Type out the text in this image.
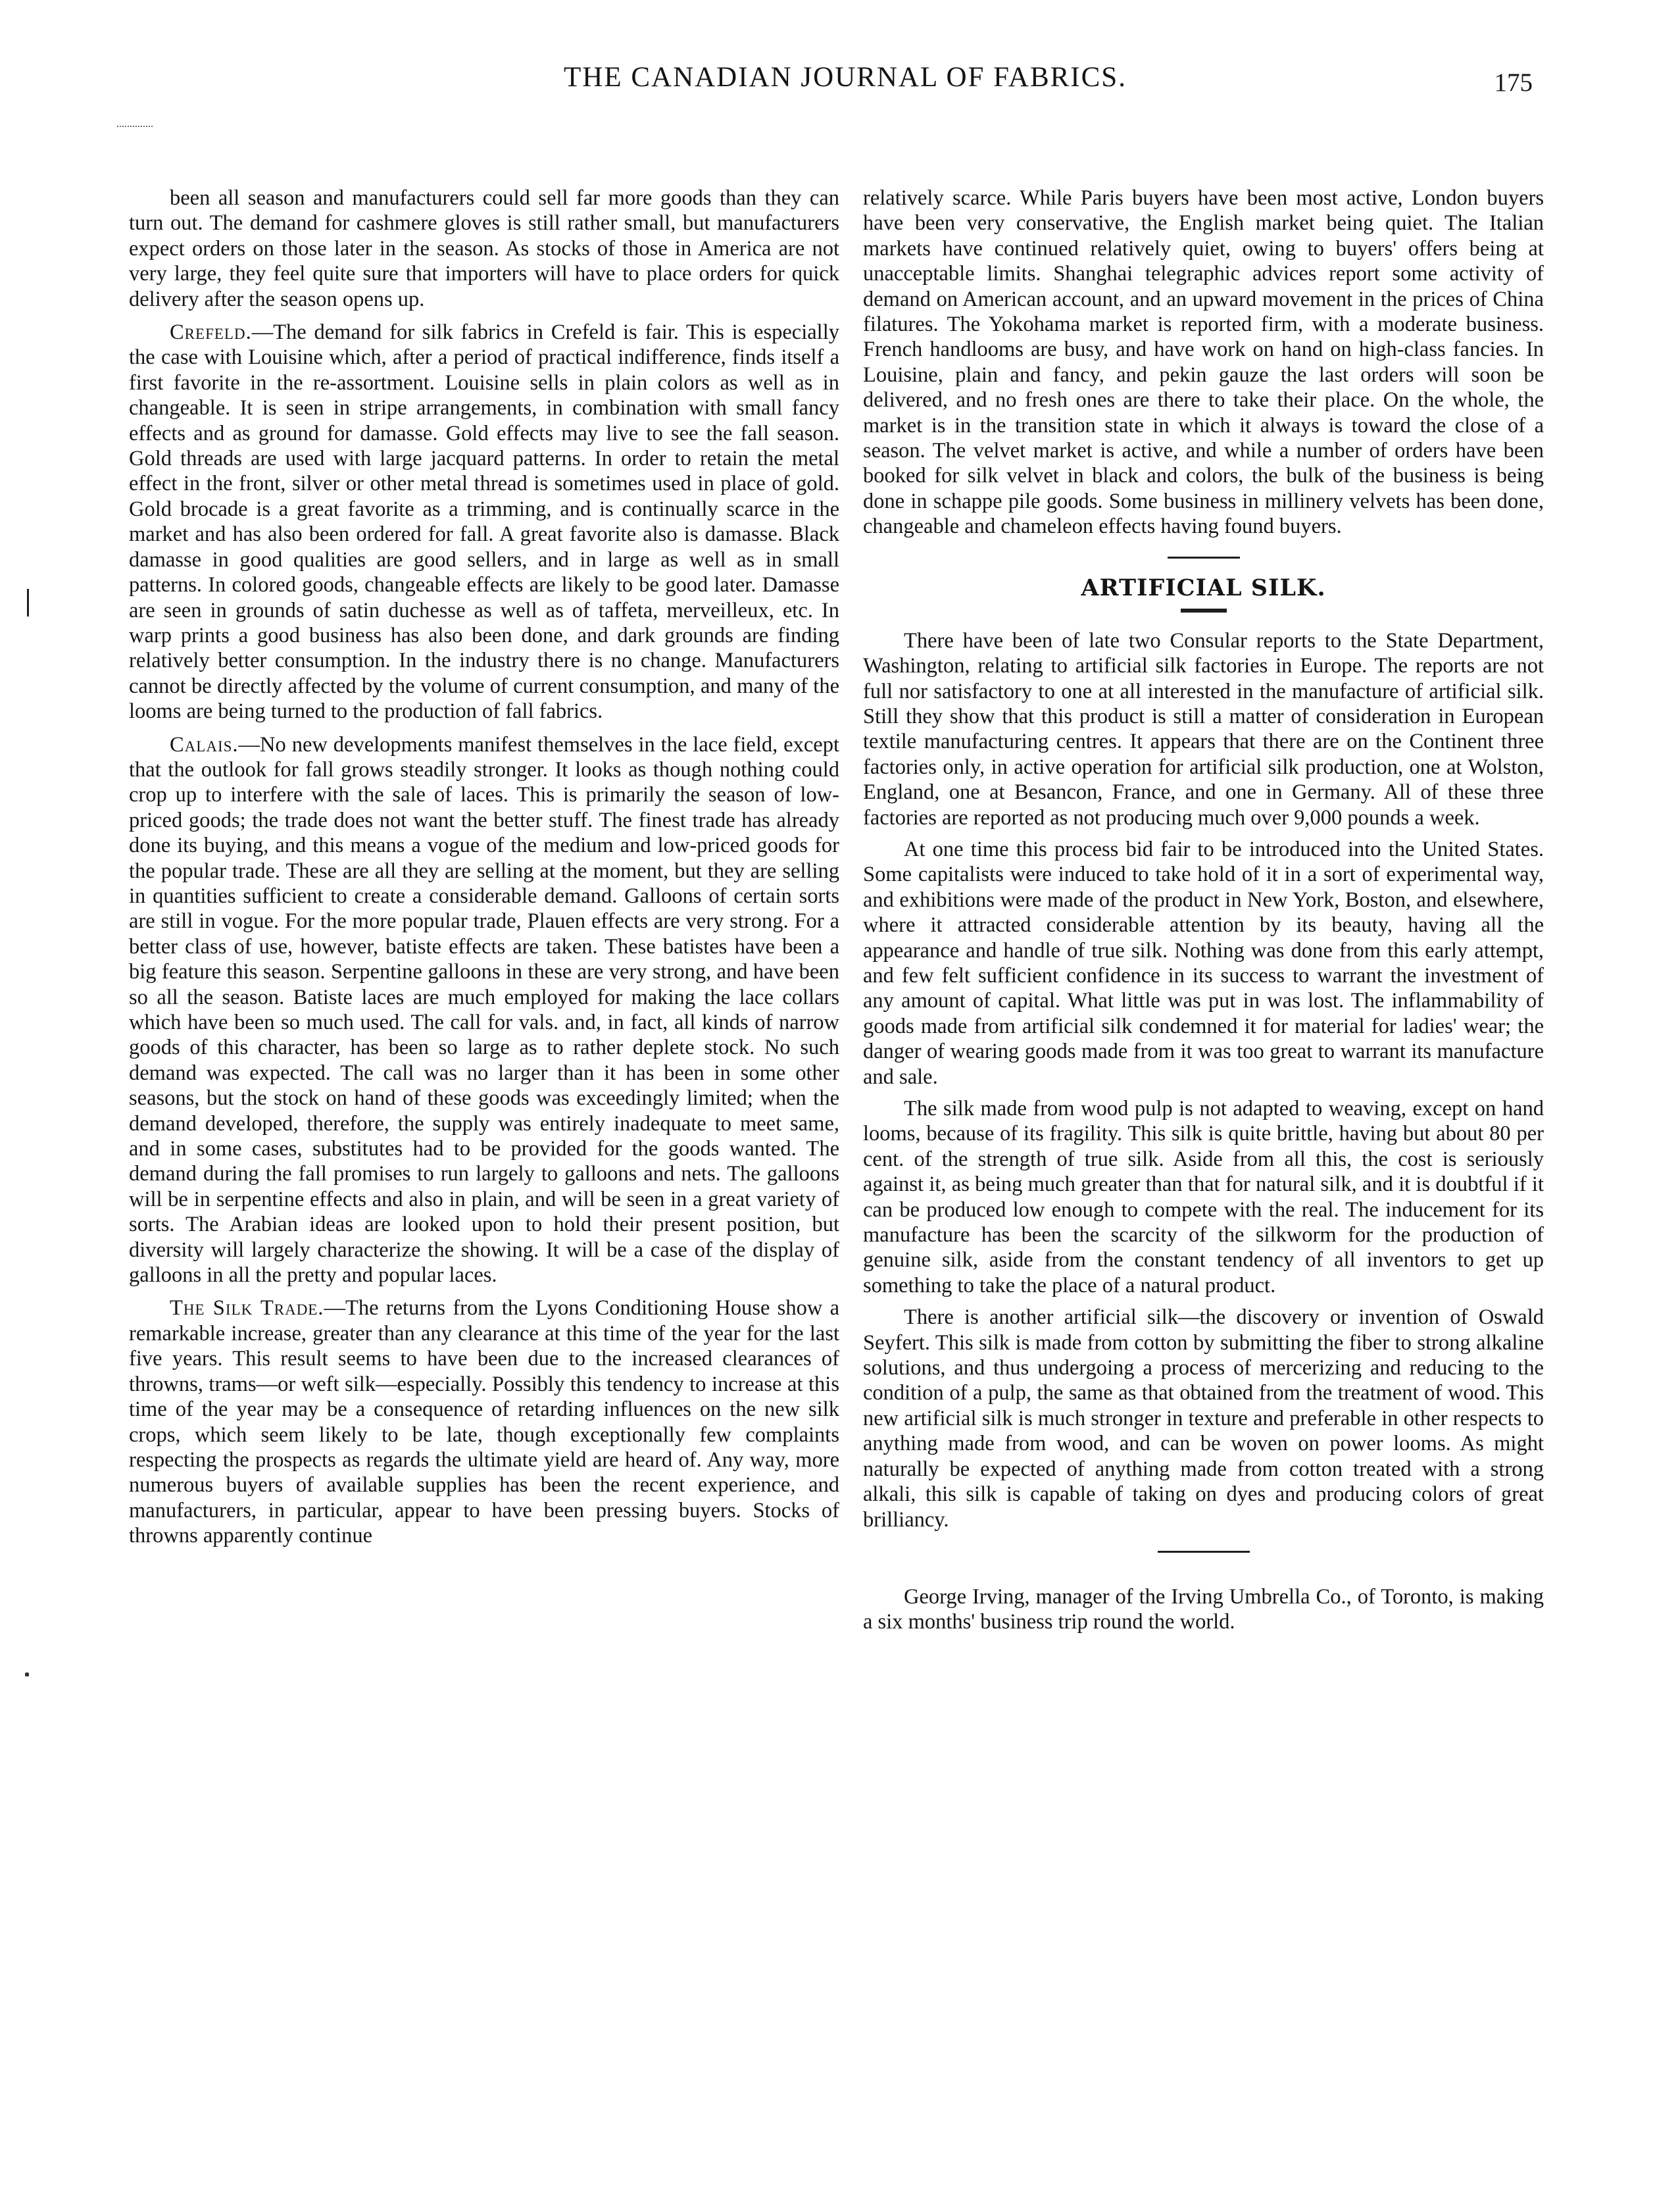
THE CANADIAN JOURNAL OF FABRICS.	175

been all season and manufacturers could sell far more goods than they can turn out. The demand for cashmere gloves is still rather small, but manufacturers expect orders on those later in the season. As stocks of those in America are not very large, they feel quite sure that importers will have to place orders for quick delivery after the season opens up.

Crefeld.—The demand for silk fabrics in Crefeld is fair. This is especially the case with Louisine which, after a period of practical indifference, finds itself a first favorite in the re-assortment. Louisine sells in plain colors as well as in changeable. It is seen in stripe arrangements, in combination with small fancy effects and as ground for damasse. Gold effects may live to see the fall season. Gold threads are used with large jacquard patterns. In order to retain the metal effect in the front, silver or other metal thread is sometimes used in place of gold. Gold brocade is a great favorite as a trimming, and is continually scarce in the market and has also been ordered for fall. A great favorite also is damasse. Black damasse in good qualities are good sellers, and in large as well as in small patterns. In colored goods, changeable effects are likely to be good later. Damasse are seen in grounds of satin duchesse as well as of taffeta, merveilleux, etc. In warp prints a good business has also been done, and dark grounds are finding relatively better consumption. In the industry there is no change. Manufacturers cannot be directly affected by the volume of current consumption, and many of the looms are being turned to the production of fall fabrics.

Calais.—No new developments manifest themselves in the lace field, except that the outlook for fall grows steadily stronger. It looks as though nothing could crop up to interfere with the sale of laces. This is primarily the season of low-priced goods; the trade does not want the better stuff. The finest trade has already done its buying, and this means a vogue of the medium and low-priced goods for the popular trade. These are all they are selling at the moment, but they are selling in quantities sufficient to create a considerable demand. Galloons of certain sorts are still in vogue. For the more popular trade, Plauen effects are very strong. For a better class of use, however, batiste effects are taken. These batistes have been a big feature this season. Serpentine galloons in these are very strong, and have been so all the season. Batiste laces are much employed for making the lace collars which have been so much used. The call for vals. and, in fact, all kinds of narrow goods of this character, has been so large as to rather deplete stock. No such demand was expected. The call was no larger than it has been in some other seasons, but the stock on hand of these goods was exceedingly limited; when the demand developed, therefore, the supply was entirely inadequate to meet same, and in some cases, substitutes had to be provided for the goods wanted. The demand during the fall promises to run largely to galloons and nets. The galloons will be in serpentine effects and also in plain, and will be seen in a great variety of sorts. The Arabian ideas are looked upon to hold their present position, but diversity will largely characterize the showing. It will be a case of the display of galloons in all the pretty and popular laces.

The Silk Trade.—The returns from the Lyons Conditioning House show a remarkable increase, greater than any clearance at this time of the year for the last five years. This result seems to have been due to the increased clearances of throwns, trams—or weft silk—especially. Possibly this tendency to increase at this time of the year may be a consequence of retarding influences on the new silk crops, which seem likely to be late, though exceptionally few complaints respecting the prospects as regards the ultimate yield are heard of. Any way, more numerous buyers of available supplies has been the recent experience, and manufacturers, in particular, appear to have been pressing buyers. Stocks of throwns apparently continue

relatively scarce. While Paris buyers have been most active, London buyers have been very conservative, the English market being quiet. The Italian markets have continued relatively quiet, owing to buyers' offers being at unacceptable limits. Shanghai telegraphic advices report some activity of demand on American account, and an upward movement in the prices of China filatures. The Yokohama market is reported firm, with a moderate business. French handlooms are busy, and have work on hand on high-class fancies. In Louisine, plain and fancy, and pekin gauze the last orders will soon be delivered, and no fresh ones are there to take their place. On the whole, the market is in the transition state in which it always is toward the close of a season. The velvet market is active, and while a number of orders have been booked for silk velvet in black and colors, the bulk of the business is being done in schappe pile goods. Some business in millinery velvets has been done, changeable and chameleon effects having found buyers.

ARTIFICIAL SILK.

There have been of late two Consular reports to the State Department, Washington, relating to artificial silk factories in Europe. The reports are not full nor satisfactory to one at all interested in the manufacture of artificial silk. Still they show that this product is still a matter of consideration in European textile manufacturing centres. It appears that there are on the Continent three factories only, in active operation for artificial silk production, one at Wolston, England, one at Besancon, France, and one in Germany. All of these three factories are reported as not producing much over 9,000 pounds a week.

At one time this process bid fair to be introduced into the United States. Some capitalists were induced to take hold of it in a sort of experimental way, and exhibitions were made of the product in New York, Boston, and elsewhere, where it attracted considerable attention by its beauty, having all the appearance and handle of true silk. Nothing was done from this early attempt, and few felt sufficient confidence in its success to warrant the investment of any amount of capital. What little was put in was lost. The inflammability of goods made from artificial silk condemned it for material for ladies' wear; the danger of wearing goods made from it was too great to warrant its manufacture and sale.

The silk made from wood pulp is not adapted to weaving, except on hand looms, because of its fragility. This silk is quite brittle, having but about 80 per cent. of the strength of true silk. Aside from all this, the cost is seriously against it, as being much greater than that for natural silk, and it is doubtful if it can be produced low enough to compete with the real. The inducement for its manufacture has been the scarcity of the silkworm for the production of genuine silk, aside from the constant tendency of all inventors to get up something to take the place of a natural product.

There is another artificial silk—the discovery or invention of Oswald Seyfert. This silk is made from cotton by submitting the fiber to strong alkaline solutions, and thus undergoing a process of mercerizing and reducing to the condition of a pulp, the same as that obtained from the treatment of wood. This new artificial silk is much stronger in texture and preferable in other respects to anything made from wood, and can be woven on power looms. As might naturally be expected of anything made from cotton treated with a strong alkali, this silk is capable of taking on dyes and producing colors of great brilliancy.

George Irving, manager of the Irving Umbrella Co., of Toronto, is making a six months' business trip round the world.
